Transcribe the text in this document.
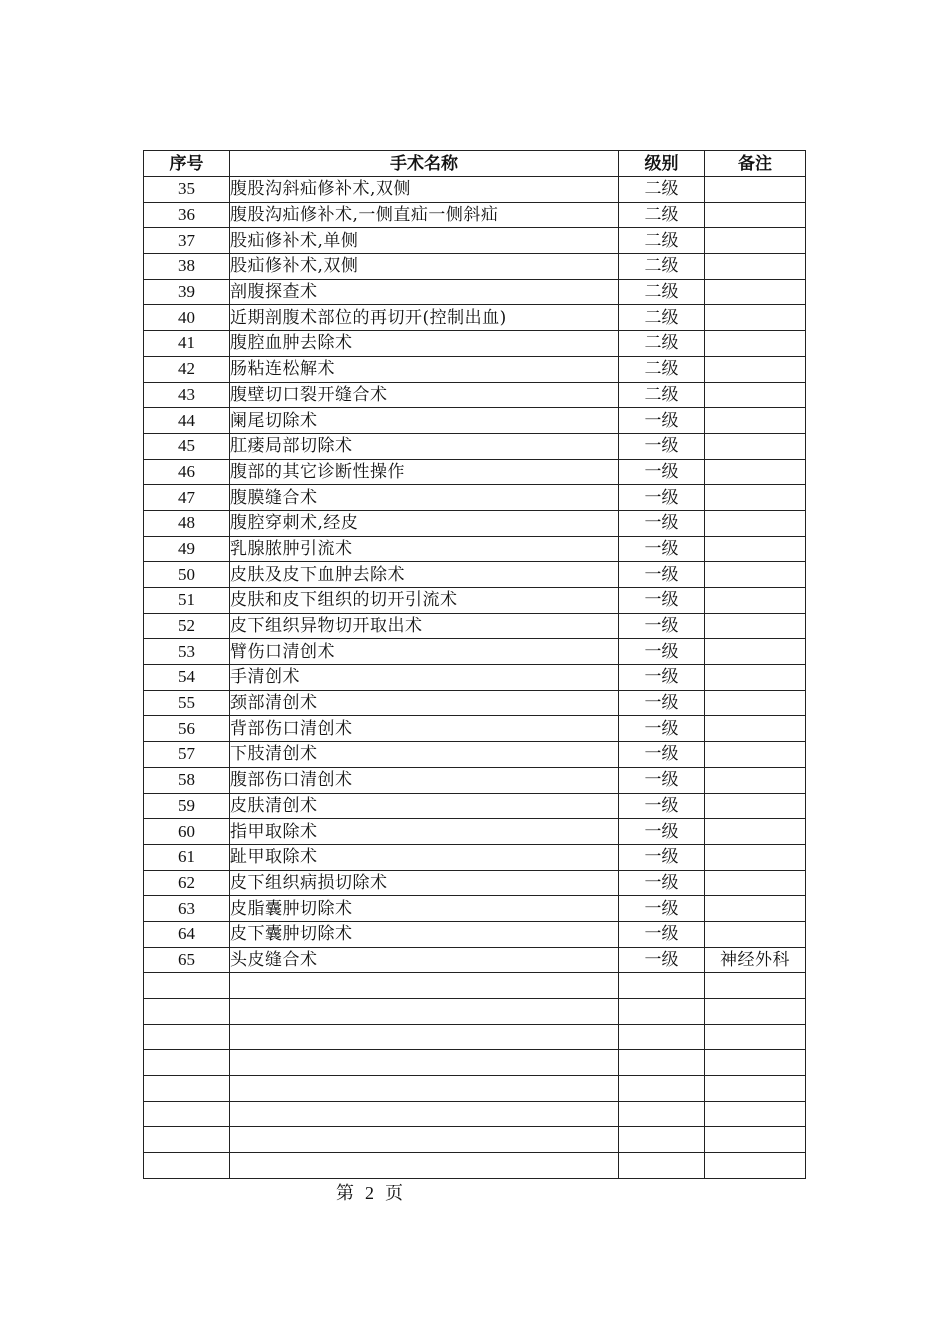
序号	手术名称	级别	备注
35	腹股沟斜疝修补术,双侧	二级	
36	腹股沟疝修补术,一侧直疝一侧斜疝	二级	
37	股疝修补术,单侧	二级	
38	股疝修补术,双侧	二级	
39	剖腹探查术	二级	
40	近期剖腹术部位的再切开(控制出血)	二级	
41	腹腔血肿去除术	二级	
42	肠粘连松解术	二级	
43	腹壁切口裂开缝合术	二级	
44	阑尾切除术	一级	
45	肛瘘局部切除术	一级	
46	腹部的其它诊断性操作	一级	
47	腹膜缝合术	一级	
48	腹腔穿刺术,经皮	一级	
49	乳腺脓肿引流术	一级	
50	皮肤及皮下血肿去除术	一级	
51	皮肤和皮下组织的切开引流术	一级	
52	皮下组织异物切开取出术	一级	
53	臂伤口清创术	一级	
54	手清创术	一级	
55	颈部清创术	一级	
56	背部伤口清创术	一级	
57	下肢清创术	一级	
58	腹部伤口清创术	一级	
59	皮肤清创术	一级	
60	指甲取除术	一级	
61	趾甲取除术	一级	
62	皮下组织病损切除术	一级	
63	皮脂囊肿切除术	一级	
64	皮下囊肿切除术	一级	
65	头皮缝合术	一级	神经外科

第 2 页
